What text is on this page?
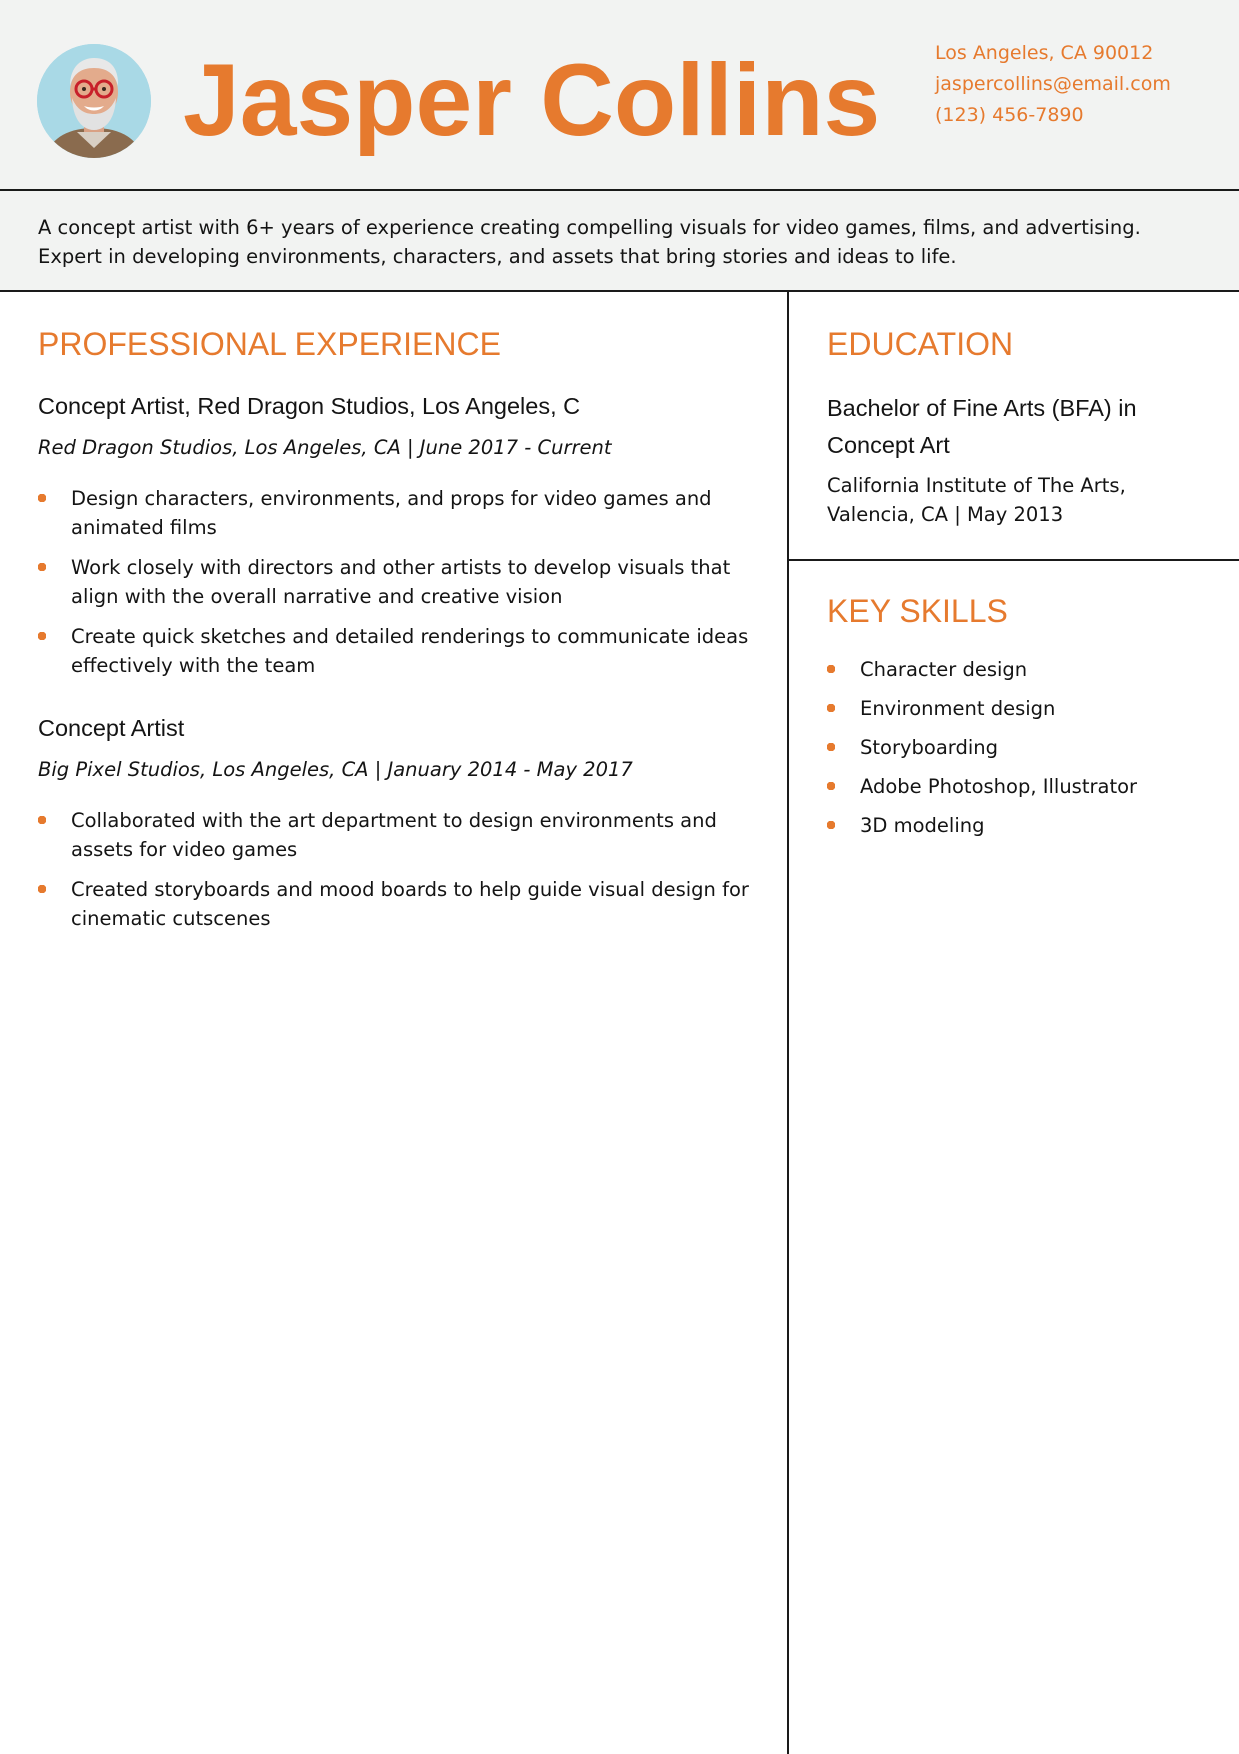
Jasper Collins	Los Angeles, CA 90012
jaspercollins@email.com
(123) 456-7890

A concept artist with 6+ years of experience creating compelling visuals for video games, films, and advertising. Expert in developing environments, characters, and assets that bring stories and ideas to life.

PROFESSIONAL EXPERIENCE
Concept Artist, Red Dragon Studios, Los Angeles, C
Red Dragon Studios, Los Angeles, CA | June 2017 - Current
Design characters, environments, and props for video games and animated films
Work closely with directors and other artists to develop visuals that align with the overall narrative and creative vision
Create quick sketches and detailed renderings to communicate ideas effectively with the team
Concept Artist
Big Pixel Studios, Los Angeles, CA | January 2014 - May 2017
Collaborated with the art department to design environments and assets for video games
Created storyboards and mood boards to help guide visual design for cinematic cutscenes
EDUCATION
Bachelor of Fine Arts (BFA) in Concept Art
California Institute of The Arts, Valencia, CA | May 2013
KEY SKILLS
Character design
Environment design
Storyboarding
Adobe Photoshop, Illustrator
3D modeling
